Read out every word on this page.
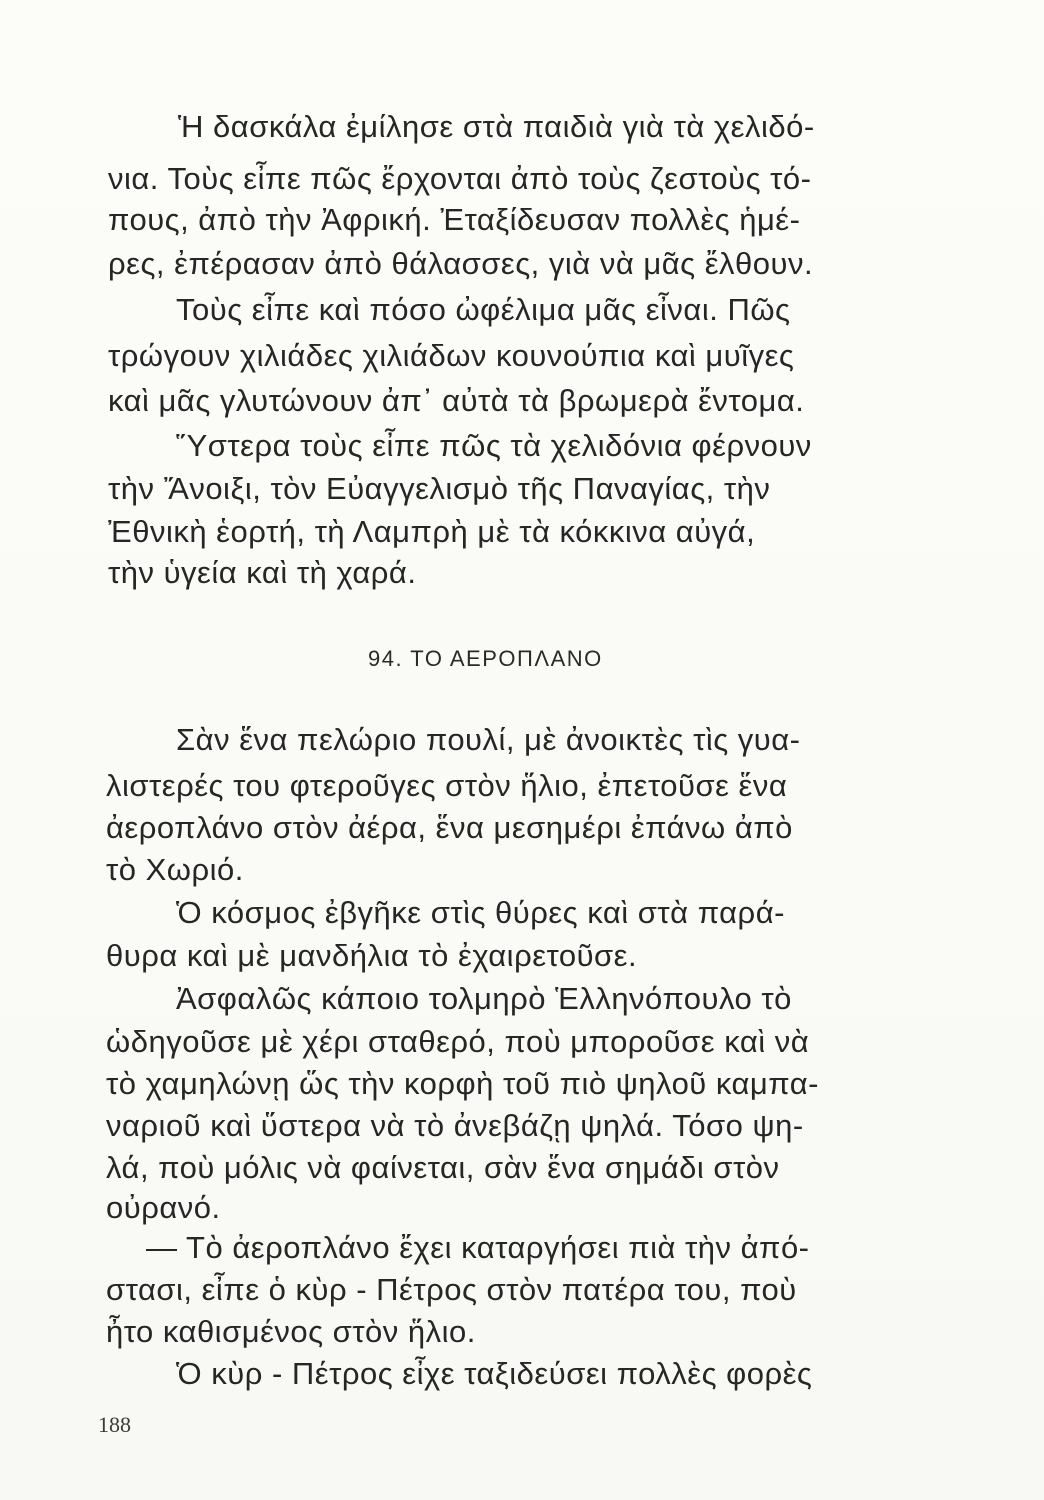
Ἡ δασκάλα ἐμίλησε στὰ παιδιὰ γιὰ τὰ χελιδό-
νια. Τοὺς εἶπε πῶς ἔρχονται ἀπὸ τοὺς ζεστοὺς τό-
πους, ἀπὸ τὴν Ἀφρική. Ἐταξίδευσαν πολλὲς ἡμέ-
ρες, ἐπέρασαν ἀπὸ θάλασσες, γιὰ νὰ μᾶς ἔλθουν.
Τοὺς εἶπε καὶ πόσο ὠφέλιμα μᾶς εἶναι. Πῶς
τρώγουν χιλιάδες χιλιάδων κουνούπια καὶ μυῖγες
καὶ μᾶς γλυτώνουν ἀπ᾿ αὐτὰ τὰ βρωμερὰ ἔντομα.
Ὕστερα τοὺς εἶπε πῶς τὰ χελιδόνια φέρνουν
τὴν Ἄνοιξι, τὸν Εὐαγγελισμὸ τῆς Παναγίας, τὴν
Ἐθνικὴ ἑορτή, τὴ Λαμπρὴ μὲ τὰ κόκκινα αὐγά,
τὴν ὑγεία καὶ τὴ χαρά.
94. ΤΟ ΑΕΡΟΠΛΑΝΟ
Σὰν ἕνα πελώριο πουλί, μὲ ἀνοικτὲς τὶς γυα-
λιστερές του φτεροῦγες στὸν ἥλιο, ἐπετοῦσε ἕνα
ἀεροπλάνο στὸν ἀέρα, ἕνα μεσημέρι ἐπάνω ἀπὸ
τὸ Χωριό.
Ὁ κόσμος ἐβγῆκε στὶς θύρες καὶ στὰ παρά-
θυρα καὶ μὲ μανδήλια τὸ ἐχαιρετοῦσε.
Ἀσφαλῶς κάποιο τολμηρὸ Ἑλληνόπουλο τὸ
ὡδηγοῦσε μὲ χέρι σταθερό, ποὺ μποροῦσε καὶ νὰ
τὸ χαμηλώνῃ ὥς τὴν κορφὴ τοῦ πιὸ ψηλοῦ καμπα-
ναριοῦ καὶ ὕστερα νὰ τὸ ἀνεβάζῃ ψηλά. Τόσο ψη-
λά, ποὺ μόλις νὰ φαίνεται, σὰν ἕνα σημάδι στὸν
οὐρανό.
— Τὸ ἀεροπλάνο ἔχει καταργήσει πιὰ τὴν ἀπό-
στασι, εἶπε ὁ κὺρ - Πέτρος στὸν πατέρα του, ποὺ
ἦτο καθισμένος στὸν ἥλιο.
Ὁ κὺρ - Πέτρος εἶχε ταξιδεύσει πολλὲς φορὲς
188
